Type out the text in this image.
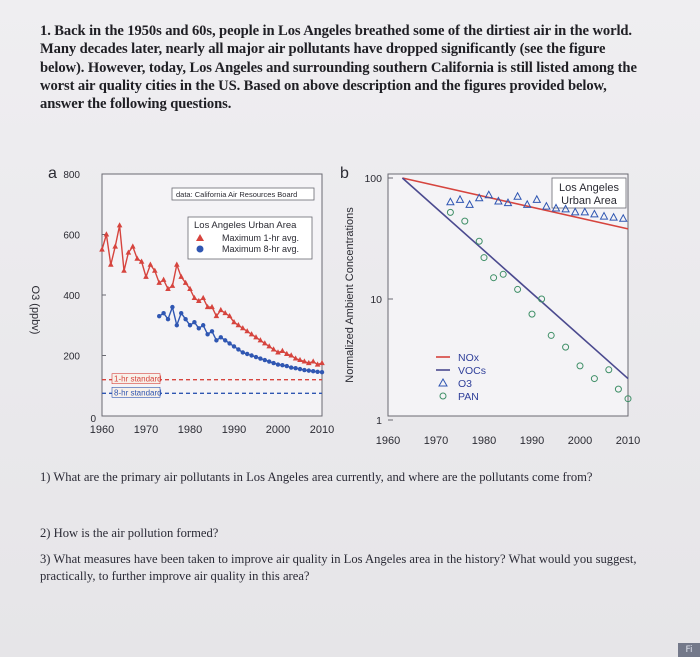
1. Back in the 1950s and 60s, people in Los Angeles breathed some of the dirtiest air in the world. Many decades later, nearly all major air pollutants have dropped significantly (see the figure below). However, today, Los Angeles and surrounding southern California is still listed among the worst air quality cities in the US. Based on above description and the figures provided below, answer the following questions.
a
200
400
600
800
0
1960 1970 1980 1990 2000 2010
O3 (ppbv)
data: California Air Resources Board
Los Angeles Urban Area
Maximum 1-hr avg.
Maximum 8-hr avg.
1-hr standard
8-hr standard
b
1
10
100
1960 1970 1980 1990 2000 2010
Normalized Ambient Concentrations
Los Angeles
Urban Area
NOx
VOCs
O3
PAN
1) What are the primary air pollutants in Los Angeles area currently, and where are the pollutants come from?
2) How is the air pollution formed?
3) What measures have been taken to improve air quality in Los Angeles area in the history? What would you suggest, practically, to further improve air quality in this area?
Fi
